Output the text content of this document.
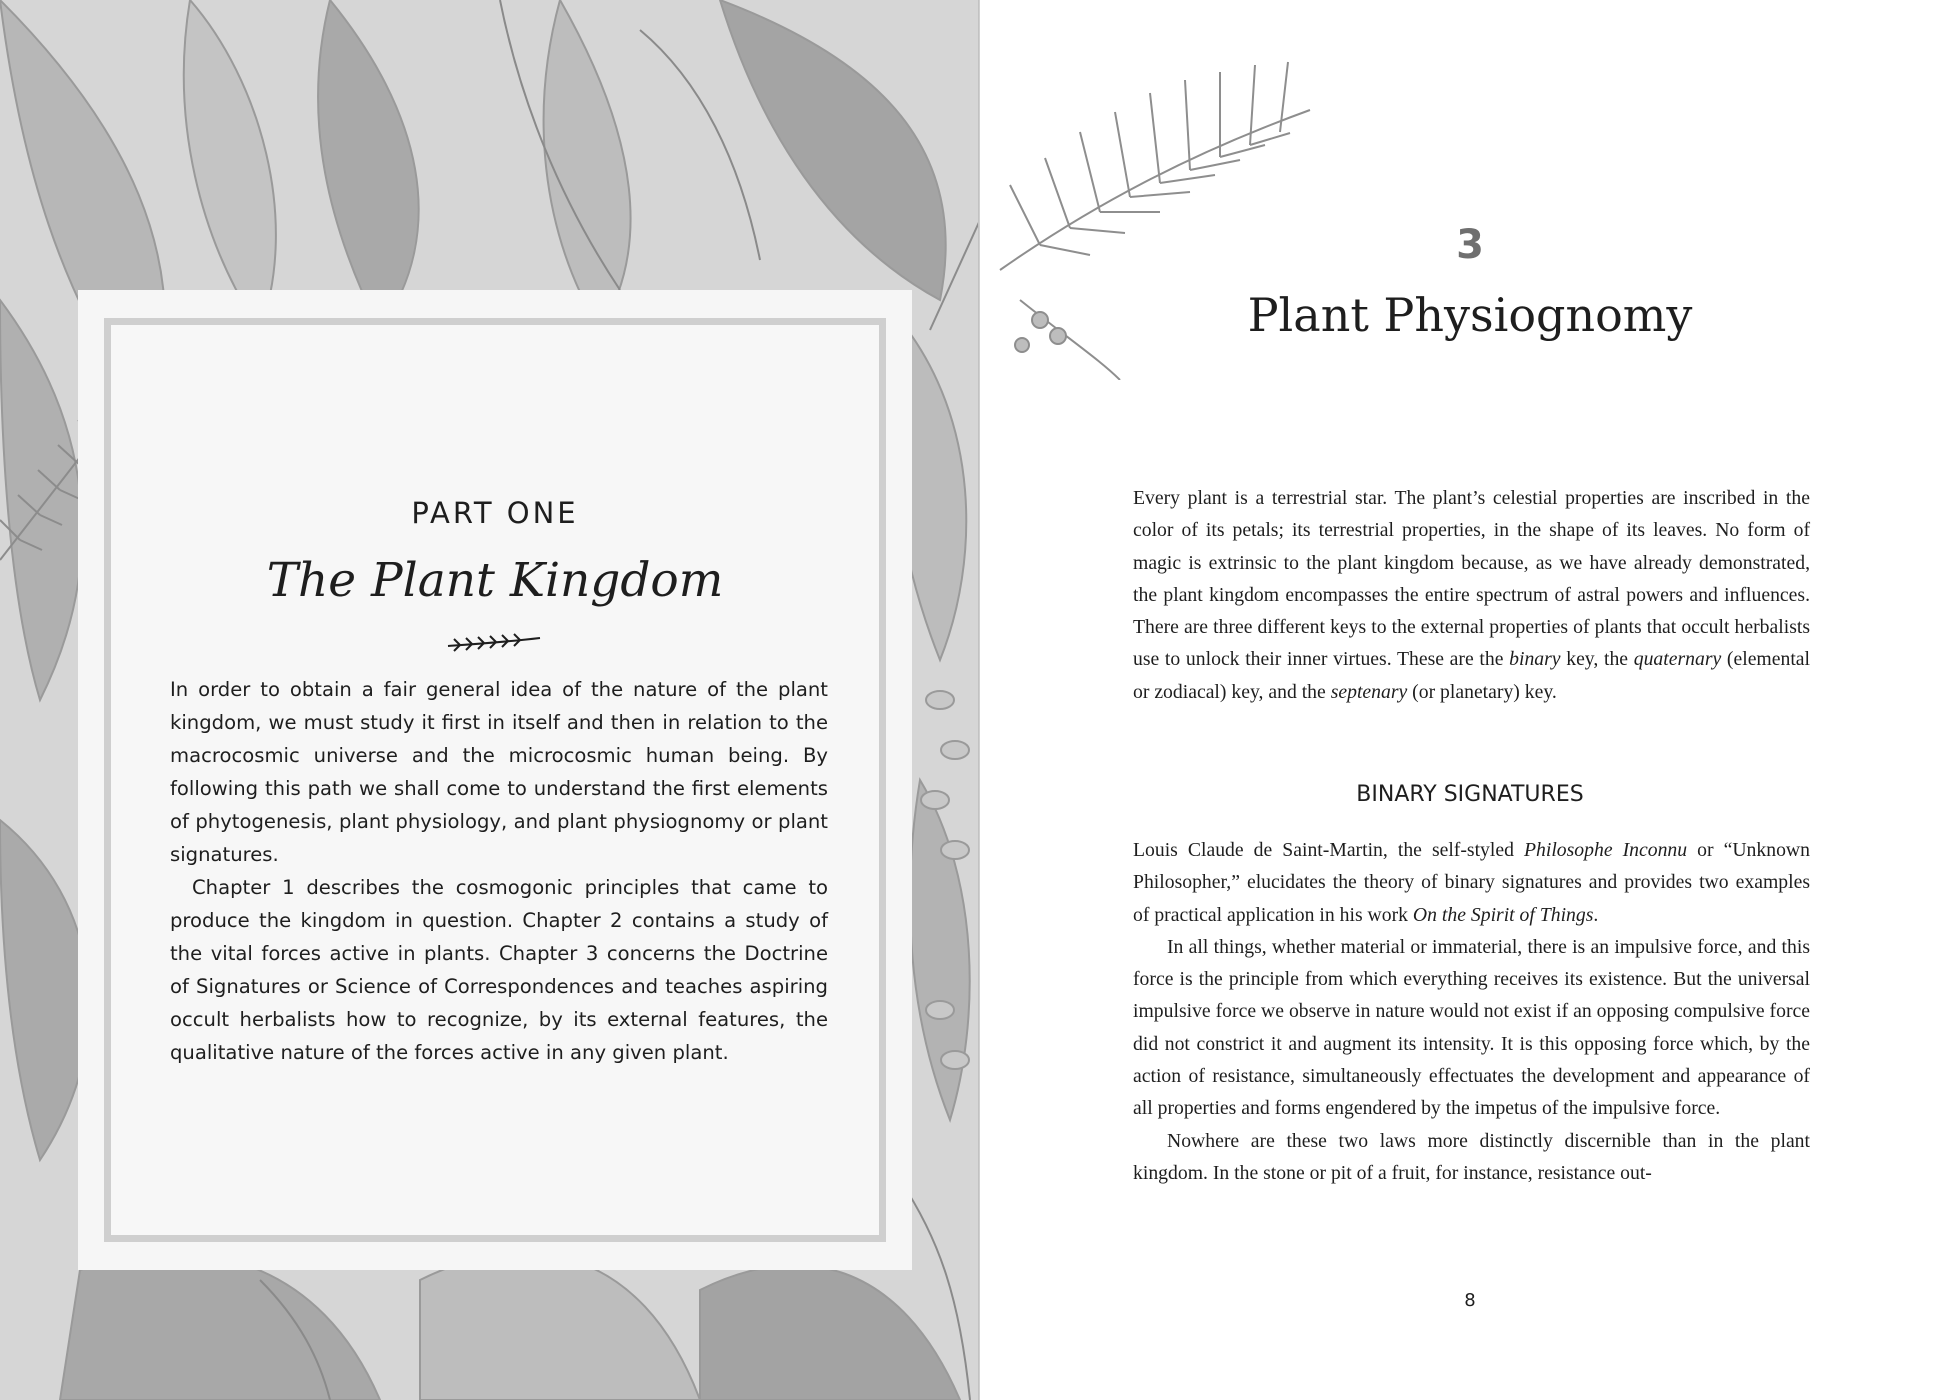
PART ONE
The Plant Kingdom

In order to obtain a fair general idea of the nature of the plant kingdom, we must study it first in itself and then in relation to the macrocosmic universe and the microcosmic human being. By following this path we shall come to understand the first elements of phytogenesis, plant physiology, and plant physiognomy or plant signatures.

Chapter 1 describes the cosmogonic principles that came to produce the kingdom in question. Chapter 2 contains a study of the vital forces active in plants. Chapter 3 concerns the Doctrine of Signatures or Science of Correspondences and teaches aspiring occult herbalists how to recognize, by its external features, the qualitative nature of the forces active in any given plant.

3
Plant Physiognomy

Every plant is a terrestrial star. The plant’s celestial properties are inscribed in the color of its petals; its terrestrial properties, in the shape of its leaves. No form of magic is extrinsic to the plant kingdom because, as we have already demonstrated, the plant kingdom encompasses the entire spectrum of astral powers and influences. There are three different keys to the external properties of plants that occult herbalists use to unlock their inner virtues. These are the binary key, the quaternary (elemental or zodiacal) key, and the septenary (or planetary) key.

BINARY SIGNATURES

Louis Claude de Saint-Martin, the self-styled Philosophe Inconnu or “Unknown Philosopher,” elucidates the theory of binary signatures and provides two examples of practical application in his work On the Spirit of Things.

In all things, whether material or immaterial, there is an impulsive force, and this force is the principle from which everything receives its existence. But the universal impulsive force we observe in nature would not exist if an opposing compulsive force did not constrict it and augment its intensity. It is this opposing force which, by the action of resistance, simultaneously effectuates the development and appearance of all properties and forms engendered by the impetus of the impulsive force.

Nowhere are these two laws more distinctly discernible than in the plant kingdom. In the stone or pit of a fruit, for instance, resistance out-

8
